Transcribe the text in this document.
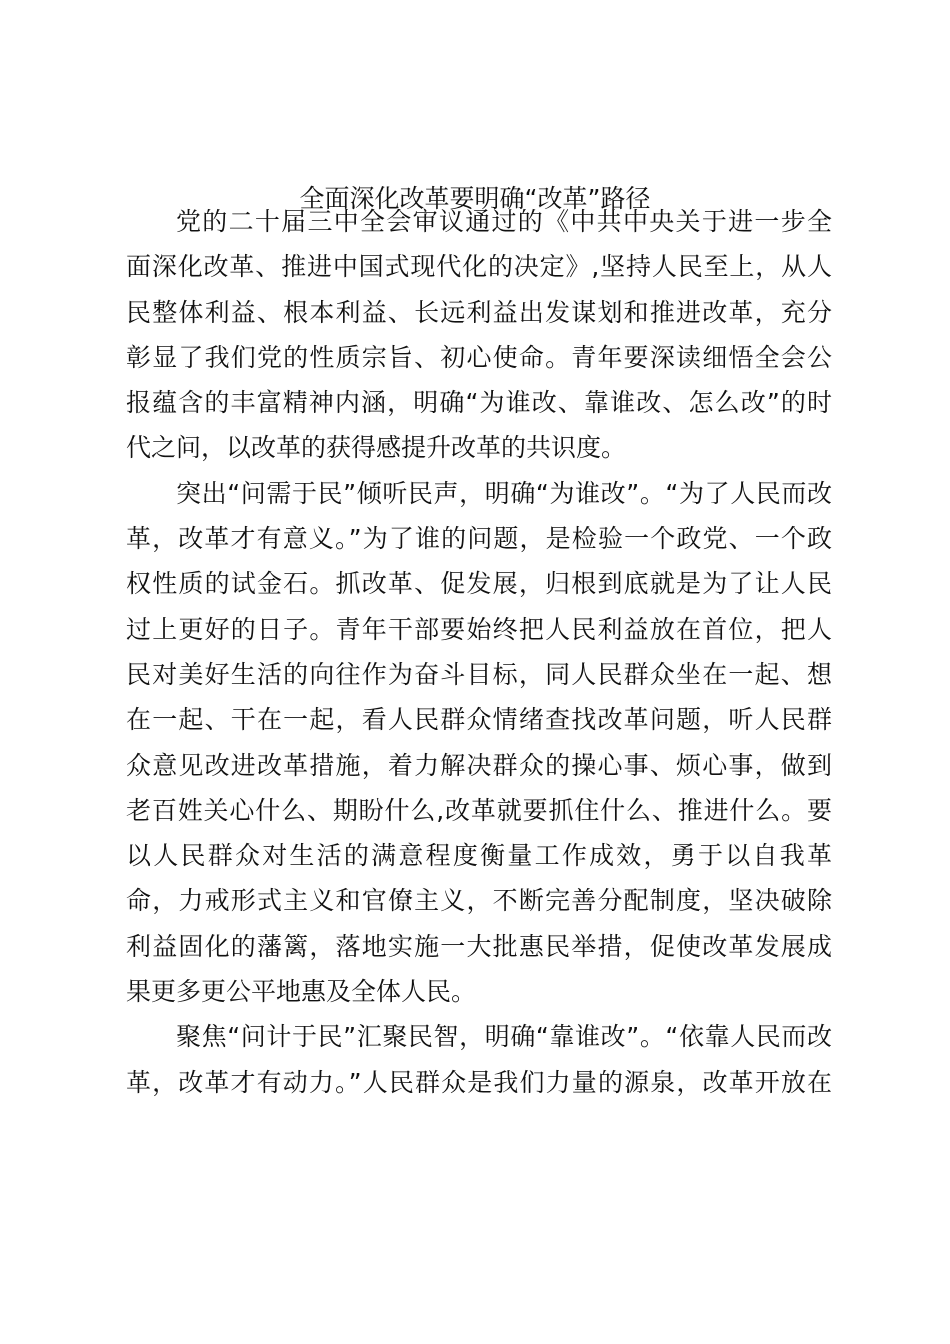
全面深化改革要明确“改革”路径
党的二十届三中全会审议通过的《中共中央关于进一步全
面深化改革、推进中国式现代化的决定》,坚持人民至上，从人
民整体利益、根本利益、长远利益出发谋划和推进改革，充分
彰显了我们党的性质宗旨、初心使命。青年要深读细悟全会公
报蕴含的丰富精神内涵，明确“为谁改、靠谁改、怎么改”的时
代之问，以改革的获得感提升改革的共识度。
突出“问需于民”倾听民声，明确“为谁改”。“为了人民而改
革，改革才有意义。”为了谁的问题，是检验一个政党、一个政
权性质的试金石。抓改革、促发展，归根到底就是为了让人民
过上更好的日子。青年干部要始终把人民利益放在首位，把人
民对美好生活的向往作为奋斗目标，同人民群众坐在一起、想
在一起、干在一起，看人民群众情绪查找改革问题，听人民群
众意见改进改革措施，着力解决群众的操心事、烦心事，做到
老百姓关心什么、期盼什么,改革就要抓住什么、推进什么。要
以人民群众对生活的满意程度衡量工作成效，勇于以自我革
命，力戒形式主义和官僚主义，不断完善分配制度，坚决破除
利益固化的藩篱，落地实施一大批惠民举措，促使改革发展成
果更多更公平地惠及全体人民。
聚焦“问计于民”汇聚民智，明确“靠谁改”。“依靠人民而改
革，改革才有动力。”人民群众是我们力量的源泉，改革开放在
